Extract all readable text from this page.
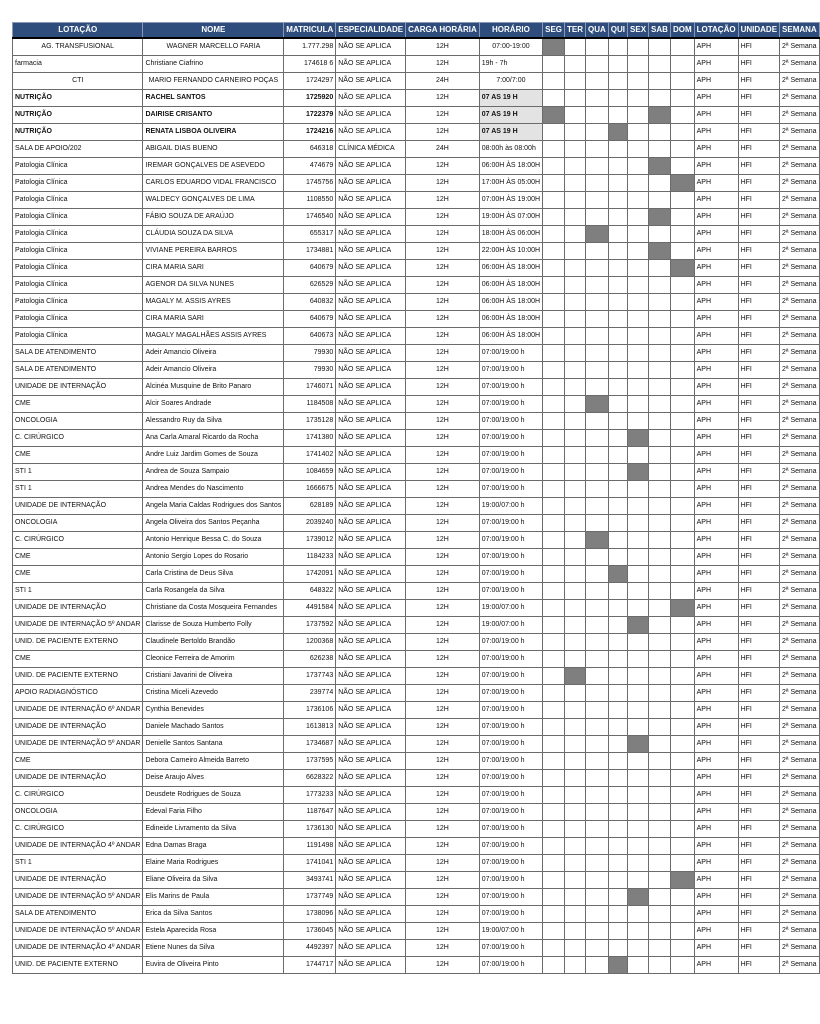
LOTAÇÃO	NOME	MATRICULA	ESPECIALIDADE	CARGA HORÁRIA	HORÁRIO	SEG	TER	QUA	QUI	SEX	SAB	DOM	LOTAÇÃO	UNIDADE	SEMANA
AG. TRANSFUSIONAL	WAGNER MARCELLO FARIA	1.777.298	NÃO SE APLICA	12H	07:00-19:00								APH	HFI	2ª Semana
farmacia	Christiane Ciafrino	174618 6	NÃO SE APLICA	12H	19h - 7h								APH	HFI	2ª Semana
CTI	MARIO FERNANDO CARNEIRO POÇAS	1724297	NÃO SE APLICA	24H	7:00/7:00								APH	HFI	2ª Semana
NUTRIÇÃO	RACHEL SANTOS	1725920	NÃO SE APLICA	12H	07 AS 19 H								APH	HFI	2ª Semana
NUTRIÇÃO	DAIRISE CRISANTO	1722379	NÃO SE APLICA	12H	07 AS 19 H								APH	HFI	2ª Semana
NUTRIÇÃO	RENATA LISBOA OLIVEIRA	1724216	NÃO SE APLICA	12H	07 AS 19 H								APH	HFI	2ª Semana
SALA DE APOIO/202	ABIGAIL DIAS BUENO	646318	CLÍNICA MÉDICA	24H	08:00h às 08:00h								APH	HFI	2ª Semana
Patologia Clínica	IREMAR GONÇALVES DE ASEVEDO	474679	NÃO SE APLICA	12H	06:00H ÀS 18:00H								APH	HFI	2ª Semana
Patologia Clínica	CARLOS EDUARDO VIDAL FRANCISCO	1745756	NÃO SE APLICA	12H	17:00H ÀS 05:00H								APH	HFI	2ª Semana
Patologia Clínica	WALDECY GONÇALVES DE LIMA	1108550	NÃO SE APLICA	12H	07:00H ÀS 19:00H								APH	HFI	2ª Semana
Patologia Clínica	FÁBIO SOUZA DE ARAÚJO	1746540	NÃO SE APLICA	12H	19:00H ÀS 07:00H								APH	HFI	2ª Semana
Patologia Clínica	CLÁUDIA SOUZA DA SILVA	655317	NÃO SE APLICA	12H	18:00H ÀS 06:00H								APH	HFI	2ª Semana
Patologia Clínica	VIVIANE PEREIRA BARROS	1734881	NÃO SE APLICA	12H	22:00H ÀS 10:00H								APH	HFI	2ª Semana
Patologia Clínica	CIRA MARIA SARI	640679	NÃO SE APLICA	12H	06:00H ÀS 18:00H								APH	HFI	2ª Semana
Patologia Clínica	AGENOR DA SILVA NUNES	626529	NÃO SE APLICA	12H	06:00H ÀS 18:00H								APH	HFI	2ª Semana
Patologia Clínica	MAGALY M. ASSIS AYRES	640832	NÃO SE APLICA	12H	06:00H ÀS 18:00H								APH	HFI	2ª Semana
Patologia Clínica	CIRA MARIA SARI	640679	NÃO SE APLICA	12H	06:00H ÀS 18:00H								APH	HFI	2ª Semana
Patologia Clínica	MAGALY MAGALHÃES ASSIS AYRES	640673	NÃO SE APLICA	12H	06:00H ÀS 18:00H								APH	HFI	2ª Semana
SALA DE ATENDIMENTO	Adeir Amancio Oliveira	79930	NÃO SE APLICA	12H	07:00/19:00 h								APH	HFI	2ª Semana
SALA DE ATENDIMENTO	Adeir Amancio Oliveira	79930	NÃO SE APLICA	12H	07:00/19:00 h								APH	HFI	2ª Semana
UNIDADE DE INTERNAÇÃO	Alcinéa Musquine de Brito Panaro	1746071	NÃO SE APLICA	12H	07:00/19:00 h								APH	HFI	2ª Semana
CME	Alcir Soares Andrade	1184508	NÃO SE APLICA	12H	07:00/19:00 h								APH	HFI	2ª Semana
ONCOLOGIA	Alessandro Ruy da Silva	1735128	NÃO SE APLICA	12H	07:00/19:00 h								APH	HFI	2ª Semana
C. CIRÚRGICO	Ana Carla Amaral Ricardo da Rocha	1741380	NÃO SE APLICA	12H	07:00/19:00 h								APH	HFI	2ª Semana
CME	Andre Luiz Jardim Gomes de Souza	1741402	NÃO SE APLICA	12H	07:00/19:00 h								APH	HFI	2ª Semana
STI 1	Andrea de Souza Sampaio	1084659	NÃO SE APLICA	12H	07:00/19:00 h								APH	HFI	2ª Semana
STI 1	Andrea Mendes do Nascimento	1666675	NÃO SE APLICA	12H	07:00/19:00 h								APH	HFI	2ª Semana
UNIDADE DE INTERNAÇÃO	Angela Maria Caldas Rodrigues dos Santos	628189	NÃO SE APLICA	12H	19:00/07:00 h								APH	HFI	2ª Semana
ONCOLOGIA	Angela Oliveira dos Santos Peçanha	2039240	NÃO SE APLICA	12H	07:00/19:00 h								APH	HFI	2ª Semana
C. CIRÚRGICO	Antonio Henrique Bessa C. do Souza	1739012	NÃO SE APLICA	12H	07:00/19:00 h								APH	HFI	2ª Semana
CME	Antonio Sergio Lopes do Rosario	1184233	NÃO SE APLICA	12H	07:00/19:00 h								APH	HFI	2ª Semana
CME	Carla Cristina de Deus Silva	1742091	NÃO SE APLICA	12H	07:00/19:00 h								APH	HFI	2ª Semana
STI 1	Carla Rosangela da Silva	648322	NÃO SE APLICA	12H	07:00/19:00 h								APH	HFI	2ª Semana
UNIDADE DE INTERNAÇÃO	Christiane da Costa Mosqueira Fernandes	4491584	NÃO SE APLICA	12H	19:00/07:00 h								APH	HFI	2ª Semana
UNIDADE DE INTERNAÇÃO 5º ANDAR	Clarisse de Souza Humberto Folly	1737592	NÃO SE APLICA	12H	19:00/07:00 h								APH	HFI	2ª Semana
UNID. DE PACIENTE EXTERNO	Claudinele Bertoldo Brandão	1200368	NÃO SE APLICA	12H	07:00/19:00 h								APH	HFI	2ª Semana
CME	Cleonice Ferreira de Amorim	626238	NÃO SE APLICA	12H	07:00/19:00 h								APH	HFI	2ª Semana
UNID. DE PACIENTE EXTERNO	Cristiani Javarini de Oliveira	1737743	NÃO SE APLICA	12H	07:00/19:00 h								APH	HFI	2ª Semana
APOIO RADIAGNÓSTICO	Cristina Miceli Azevedo	239774	NÃO SE APLICA	12H	07:00/19:00 h								APH	HFI	2ª Semana
UNIDADE DE INTERNAÇÃO 6º ANDAR	Cynthia Benevides	1736106	NÃO SE APLICA	12H	07:00/19:00 h								APH	HFI	2ª Semana
UNIDADE DE INTERNAÇÃO	Daniele Machado Santos	1613813	NÃO SE APLICA	12H	07:00/19:00 h								APH	HFI	2ª Semana
UNIDADE DE INTERNAÇÃO 5º ANDAR	Denielle Santos Santana	1734687	NÃO SE APLICA	12H	07:00/19:00 h								APH	HFI	2ª Semana
CME	Debora Carneiro Almeida Barreto	1737595	NÃO SE APLICA	12H	07:00/19:00 h								APH	HFI	2ª Semana
UNIDADE DE INTERNAÇÃO	Deise Araujo Alves	6628322	NÃO SE APLICA	12H	07:00/19:00 h								APH	HFI	2ª Semana
C. CIRÚRGICO	Deusdete Rodrigues de Souza	1773233	NÃO SE APLICA	12H	07:00/19:00 h								APH	HFI	2ª Semana
ONCOLOGIA	Edeval Faria Filho	1187647	NÃO SE APLICA	12H	07:00/19:00 h								APH	HFI	2ª Semana
C. CIRÚRGICO	Edineide Livramento da Silva	1736130	NÃO SE APLICA	12H	07:00/19:00 h								APH	HFI	2ª Semana
UNIDADE DE INTERNAÇÃO 4º ANDAR	Edna Damas Braga	1191498	NÃO SE APLICA	12H	07:00/19:00 h								APH	HFI	2ª Semana
STI 1	Elaine Maria Rodrigues	1741041	NÃO SE APLICA	12H	07:00/19:00 h								APH	HFI	2ª Semana
UNIDADE DE INTERNAÇÃO	Eliane Oliveira da Silva	3493741	NÃO SE APLICA	12H	07:00/19:00 h								APH	HFI	2ª Semana
UNIDADE DE INTERNAÇÃO 5º ANDAR	Elis Marins de Paula	1737749	NÃO SE APLICA	12H	07:00/19:00 h								APH	HFI	2ª Semana
SALA DE ATENDIMENTO	Erica da Silva Santos	1738096	NÃO SE APLICA	12H	07:00/19:00 h								APH	HFI	2ª Semana
UNIDADE DE INTERNAÇÃO 5º ANDAR	Estela Aparecida Rosa	1736045	NÃO SE APLICA	12H	19:00/07:00 h								APH	HFI	2ª Semana
UNIDADE DE INTERNAÇÃO 4º ANDAR	Etiene Nunes da Silva	4492397	NÃO SE APLICA	12H	07:00/19:00 h								APH	HFI	2ª Semana
UNID. DE PACIENTE EXTERNO	Euvira de Oliveira Pinto	1744717	NÃO SE APLICA	12H	07:00/19:00 h								APH	HFI	2ª Semana
